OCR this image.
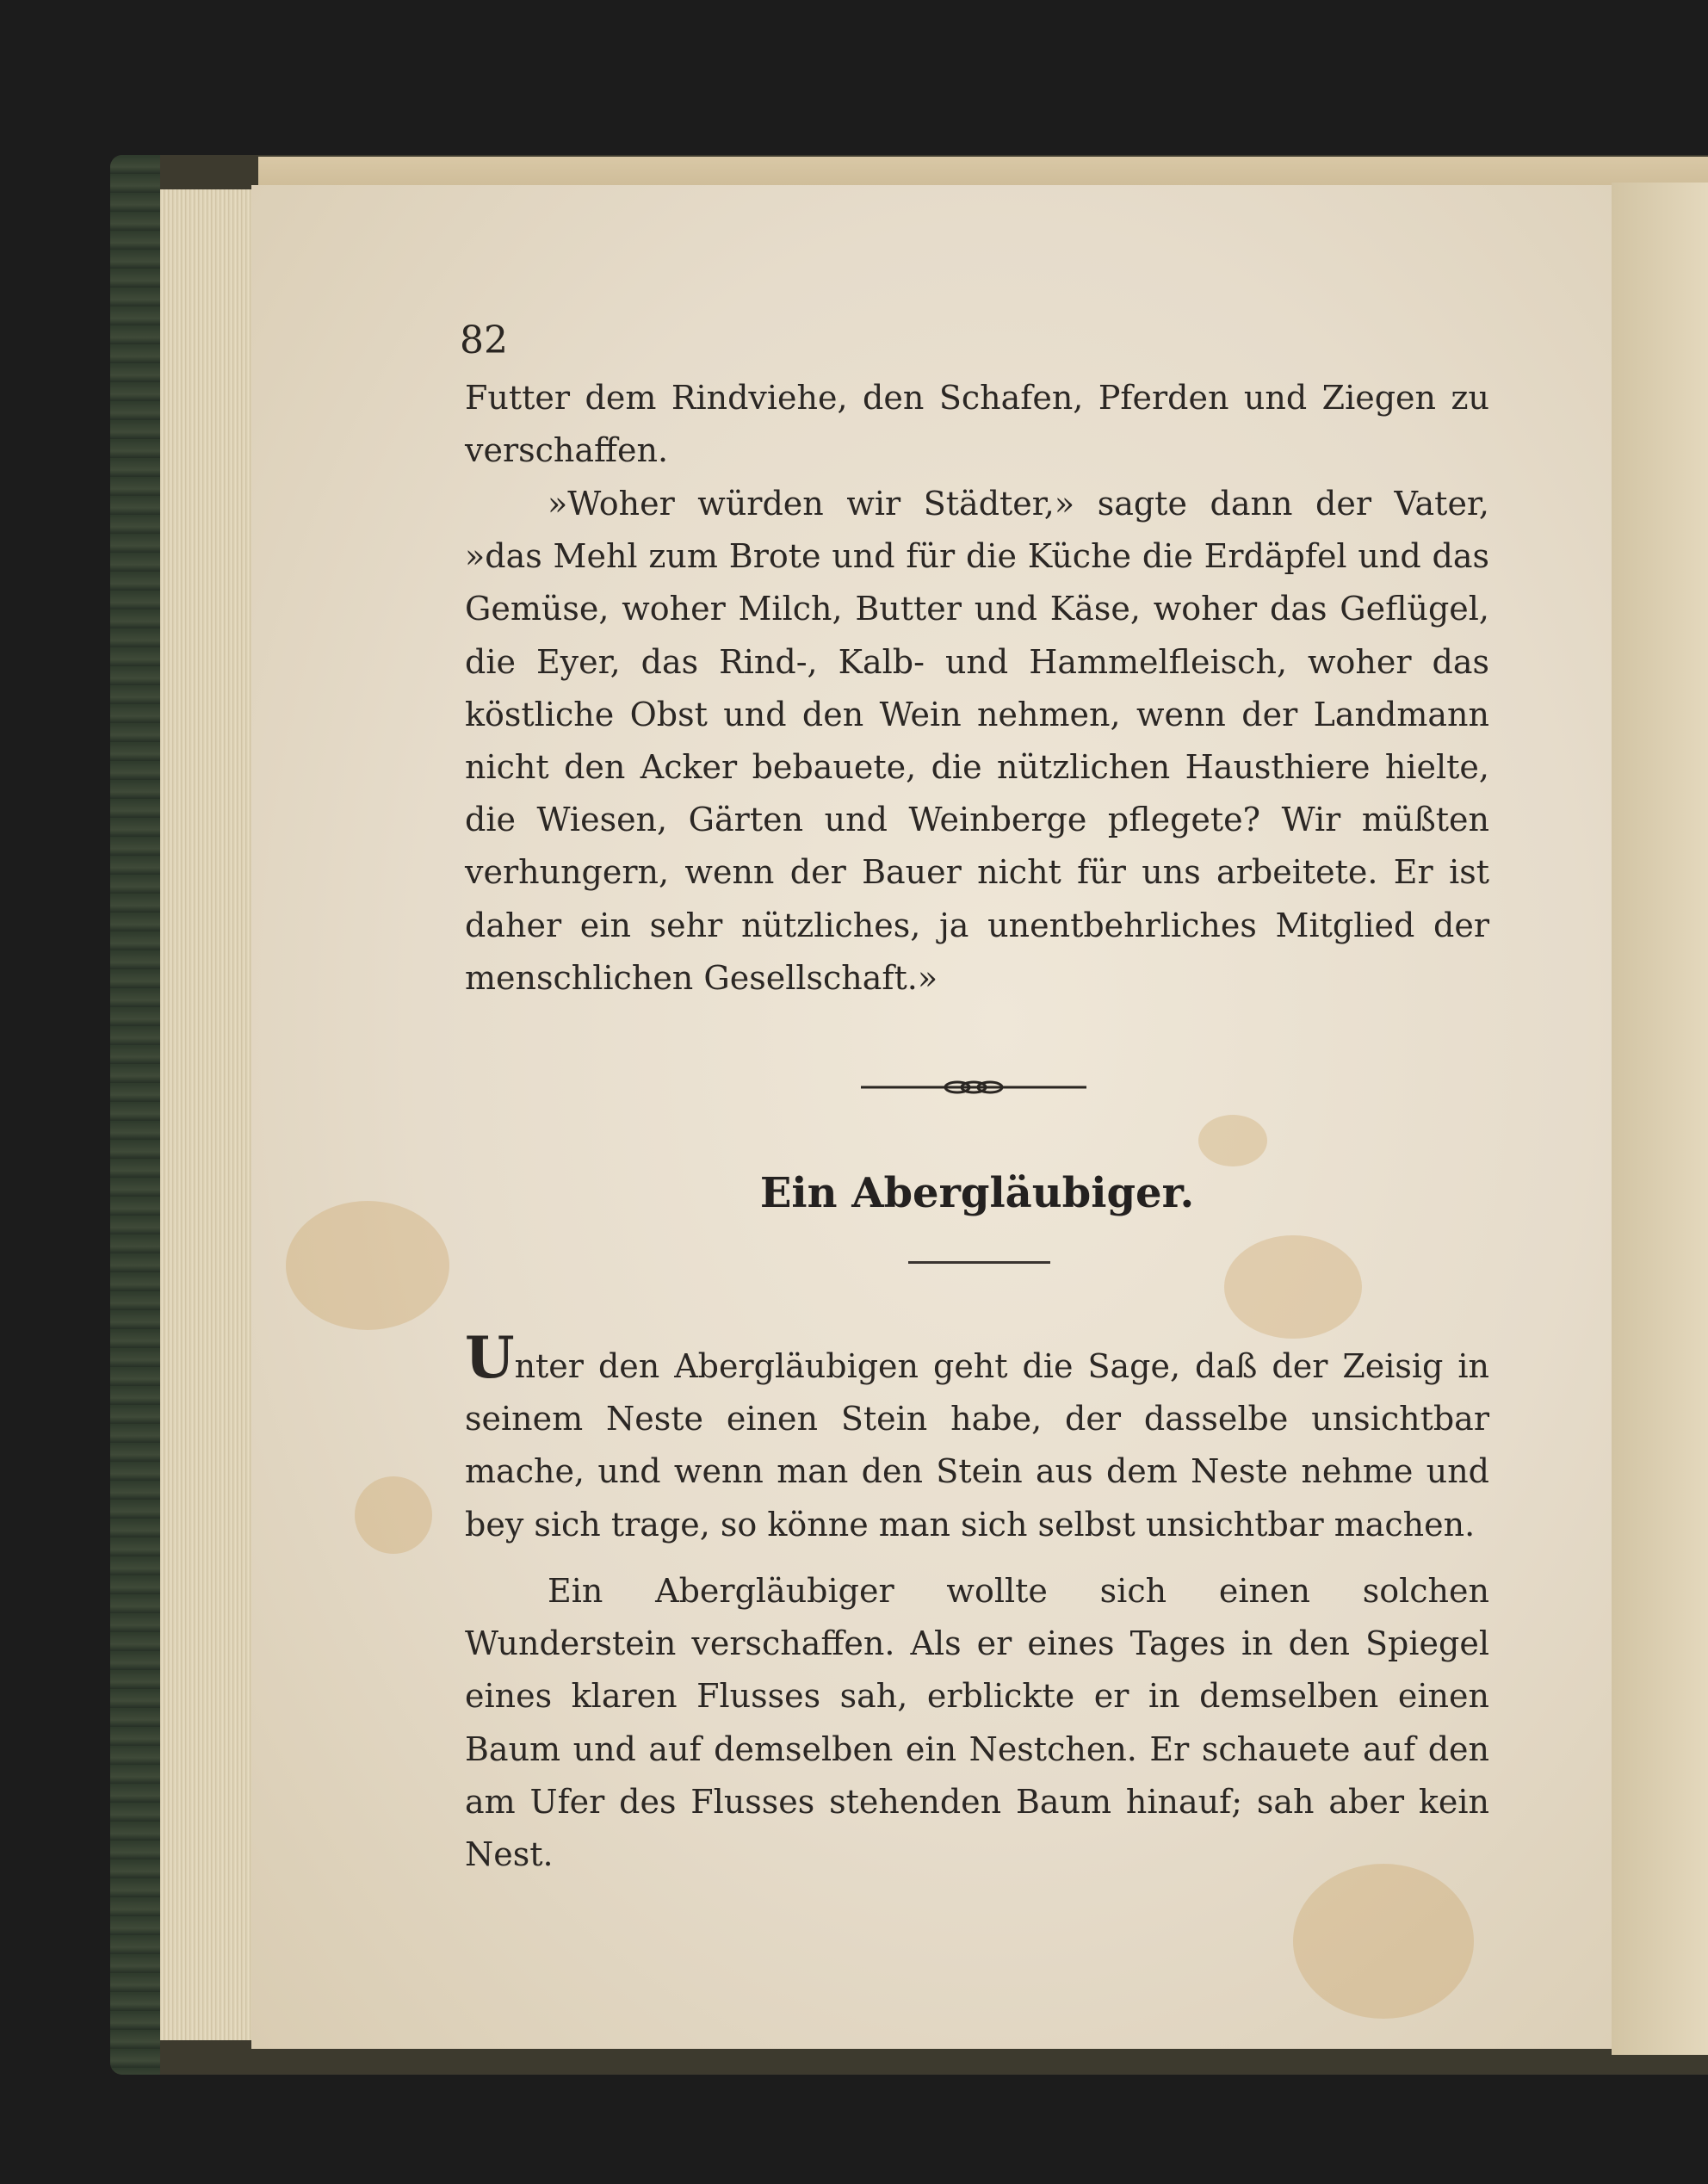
82

Futter dem Rindviehe, den Schafen, Pferden und Ziegen zu verschaffen.

»Woher würden wir Städter,» sagte dann der Vater, »das Mehl zum Brote und für die Küche die Erdäpfel und das Gemüse, woher Milch, Butter und Käse, woher das Geflügel, die Eyer, das Rind-, Kalb- und Hammelfleisch, woher das köstliche Obst und den Wein nehmen, wenn der Landmann nicht den Acker bebauete, die nützlichen Hausthiere hielte, die Wiesen, Gärten und Weinberge pflegete? Wir müßten verhungern, wenn der Bauer nicht für uns arbeitete. Er ist daher ein sehr nützliches, ja unentbehrliches Mitglied der menschlichen Gesellschaft.»

Ein Abergläubiger.

Unter den Abergläubigen geht die Sage, daß der Zeisig in seinem Neste einen Stein habe, der dasselbe unsichtbar mache, und wenn man den Stein aus dem Neste nehme und bey sich trage, so könne man sich selbst unsichtbar machen.

Ein Abergläubiger wollte sich einen solchen Wunderstein verschaffen. Als er eines Tages in den Spiegel eines klaren Flusses sah, erblickte er in demselben einen Baum und auf demselben ein Nestchen. Er schauete auf den am Ufer des Flusses stehenden Baum hinauf; sah aber kein Nest.
